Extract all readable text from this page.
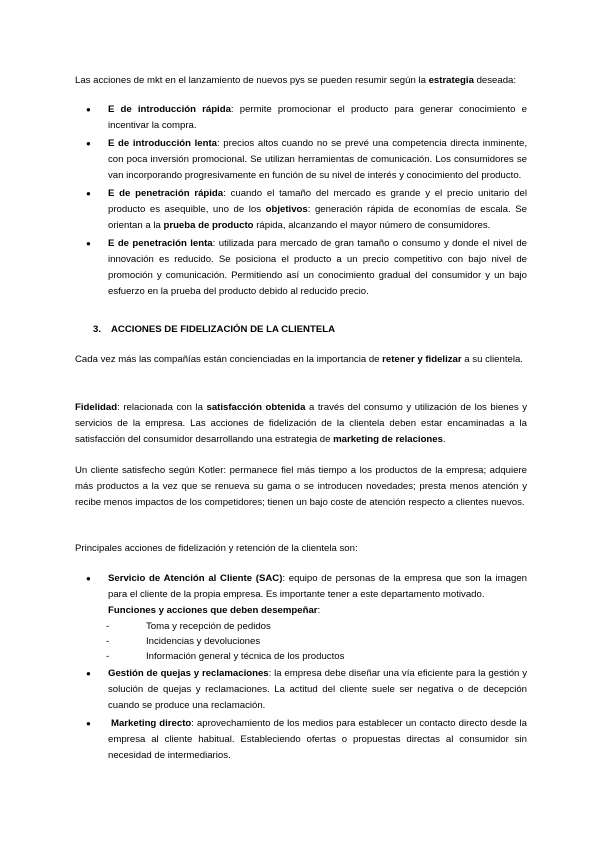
Las acciones de mkt en el lanzamiento de nuevos pys se pueden resumir según la estrategia deseada:

● E de introducción rápida: permite promocionar el producto para generar conocimiento e incentivar la compra.
● E de introducción lenta: precios altos cuando no se prevé una competencia directa inminente, con poca inversión promocional. Se utilizan herramientas de comunicación. Los consumidores se van incorporando progresivamente en función de su nivel de interés y conocimiento del producto.
● E de penetración rápida: cuando el tamaño del mercado es grande y el precio unitario del producto es asequible, uno de los objetivos: generación rápida de economías de escala. Se orientan a la prueba de producto rápida, alcanzando el mayor número de consumidores.
● E de penetración lenta: utilizada para mercado de gran tamaño o consumo y donde el nivel de innovación es reducido. Se posiciona el producto a un precio competitivo con bajo nivel de promoción y comunicación. Permitiendo así un conocimiento gradual del consumidor y un bajo esfuerzo en la prueba del producto debido al reducido precio.
3. ACCIONES DE FIDELIZACIÓN DE LA CLIENTELA

Cada vez más las compañías están concienciadas en la importancia de retener y fidelizar a su clientela.

Fidelidad: relacionada con la satisfacción obtenida a través del consumo y utilización de los bienes y servicios de la empresa. Las acciones de fidelización de la clientela deben estar encaminadas a la satisfacción del consumidor desarrollando una estrategia de marketing de relaciones.

Un cliente satisfecho según Kotler: permanece fiel más tiempo a los productos de la empresa; adquiere más productos a la vez que se renueva su gama o se introducen novedades; presta menos atención y recibe menos impactos de los competidores; tienen un bajo coste de atención respecto a clientes nuevos.

Principales acciones de fidelización y retención de la clientela son:

● Servicio de Atención al Cliente (SAC): equipo de personas de la empresa que son la imagen para el cliente de la propia empresa. Es importante tener a este departamento motivado.
Funciones y acciones que deben desempeñar:
- Toma y recepción de pedidos
- Incidencias y devoluciones
- Información general y técnica de los productos
● Gestión de quejas y reclamaciones: la empresa debe diseñar una vía eficiente para la gestión y solución de quejas y reclamaciones. La actitud del cliente suele ser negativa o de decepción cuando se produce una reclamación.
● Marketing directo: aprovechamiento de los medios para establecer un contacto directo desde la empresa al cliente habitual. Estableciendo ofertas o propuestas directas al consumidor sin necesidad de intermediarios.
